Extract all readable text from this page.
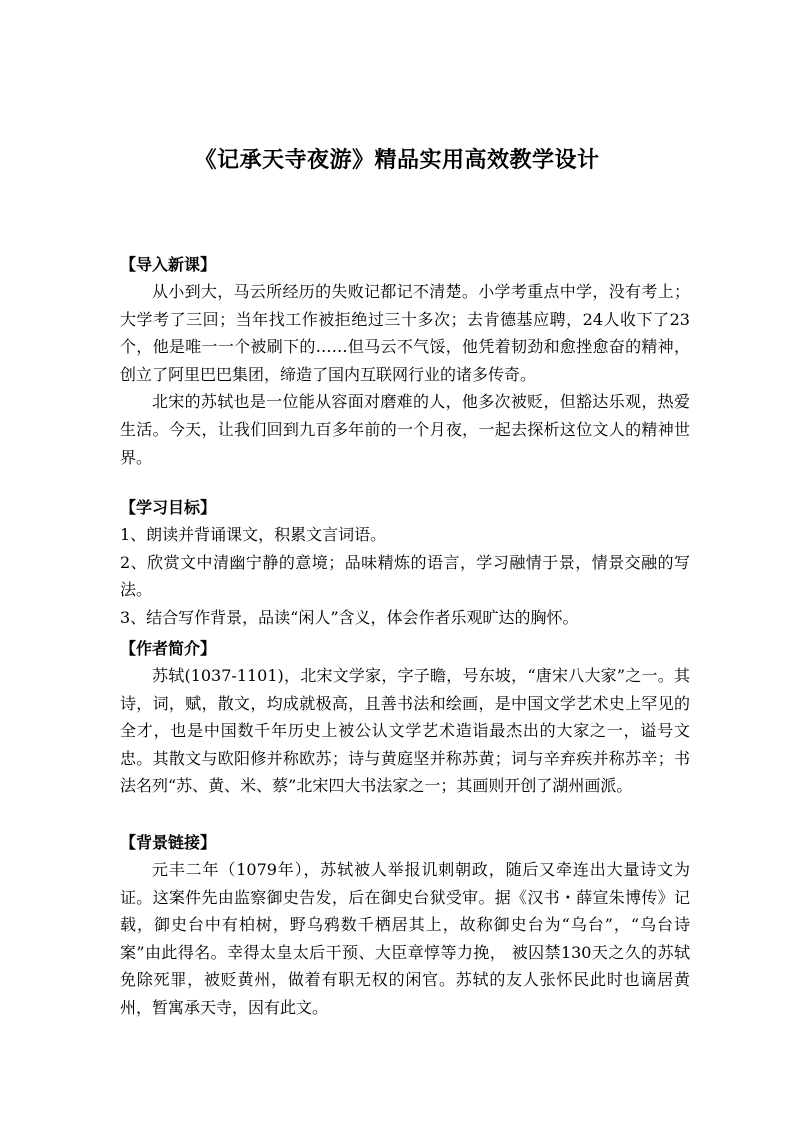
《记承天寺夜游》精品实用高效教学设计

【导入新课】

从小到大，马云所经历的失败记都记不清楚。小学考重点中学，没有考上；大学考了三回；当年找工作被拒绝过三十多次；去肯德基应聘，24人收下了23个，他是唯一一个被刷下的……但马云不气馁，他凭着韧劲和愈挫愈奋的精神，创立了阿里巴巴集团，缔造了国内互联网行业的诸多传奇。

北宋的苏轼也是一位能从容面对磨难的人，他多次被贬，但豁达乐观，热爱生活。今天，让我们回到九百多年前的一个月夜，一起去探析这位文人的精神世界。

【学习目标】

1、朗读并背诵课文，积累文言词语。

2、欣赏文中清幽宁静的意境；品味精炼的语言，学习融情于景，情景交融的写法。

3、结合写作背景，品读“闲人”含义，体会作者乐观旷达的胸怀。

【作者简介】

苏轼(1037-1101)，北宋文学家，字子瞻，号东坡，“唐宋八大家”之一。其诗，词，赋，散文，均成就极高，且善书法和绘画，是中国文学艺术史上罕见的全才，也是中国数千年历史上被公认文学艺术造诣最杰出的大家之一，谥号文忠。其散文与欧阳修并称欧苏；诗与黄庭坚并称苏黄；词与辛弃疾并称苏辛；书法名列“苏、黄、米、蔡”北宋四大书法家之一；其画则开创了湖州画派。

【背景链接】

元丰二年（1079年），苏轼被人举报讥刺朝政，随后又牵连出大量诗文为证。这案件先由监察御史告发，后在御史台狱受审。据《汉书・薛宣朱博传》记载，御史台中有柏树，野乌鸦数千栖居其上，故称御史台为“乌台”，“乌台诗案”由此得名。幸得太皇太后干预、大臣章惇等力挽， 被囚禁130天之久的苏轼免除死罪，被贬黄州，做着有职无权的闲官。苏轼的友人张怀民此时也谪居黄州，暂寓承天寺，因有此文。
